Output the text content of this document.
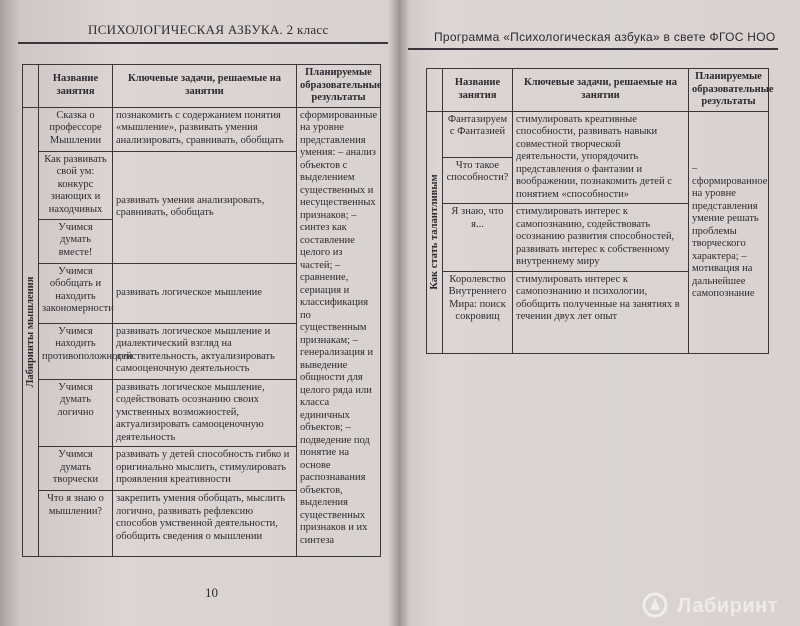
ПСИХОЛОГИЧЕСКАЯ АЗБУКА. 2 класс
	Название занятия	Ключевые задачи, решаемые на занятии	Планируемые образовательные результаты

Лабиринты мышления	Сказка о профессоре Мышлении	познакомить с содержанием понятия «мышление», развивать умения анализировать, сравнивать, обобщать	сформированные на уровне представления умения: – анализ объектов с выделением существенных и несущественных признаков; – синтез как составление целого из частей; – сравнение, сериация и классификация по существенным признакам; – генерализация и выведение общности для целого ряда или класса единичных объектов; – подведение под понятие на основе распознавания объектов, выделения существенных признаков и их синтеза
	Как развивать свой ум: конкурс знающих и находчивых	развивать умения анализировать, сравнивать, обобщать	
	Учимся думать вместе!		
	Учимся обобщать и находить закономерности	развивать логическое мышление	
	Учимся находить противоположности	развивать логическое мышление и диалектический взгляд на действительность, актуализировать самооценочную деятельность	
	Учимся думать логично	развивать логическое мышление, содействовать осознанию своих умственных возможностей, актуализировать самооценочную деятельность	
	Учимся думать творчески	развивать у детей способность гибко и оригинально мыслить, стимулировать проявления креативности	
	Что я знаю о мышлении?	закрепить умения обобщать, мыслить логично, развивать рефлексию способов умственной деятельности, обобщить сведения о мышлении	
10
Программа «Психологическая азбука» в свете ФГОС НОО
	Название занятия	Ключевые задачи, решаемые на занятии	Планируемые образовательные результаты

Как стать талантливым	Фантазируем с Фантазией	стимулировать креативные способности, развивать навыки совместной творческой деятельности, упорядочить представления о фантазии и воображении, познакомить детей с понятием «способности»	– сформированное на уровне представления умение решать проблемы творческого характера; – мотивация на дальнейшее самопознание
	Что такое способности?		
	Я знаю, что я...	стимулировать интерес к самопознанию, содействовать осознанию развития способностей, развивать интерес к собственному внутреннему миру	
	Королевство Внутреннего Мира: поиск сокровищ	стимулировать интерес к самопознанию и психологии, обобщить полученные на занятиях в течении двух лет опыт	
Лабиринт
